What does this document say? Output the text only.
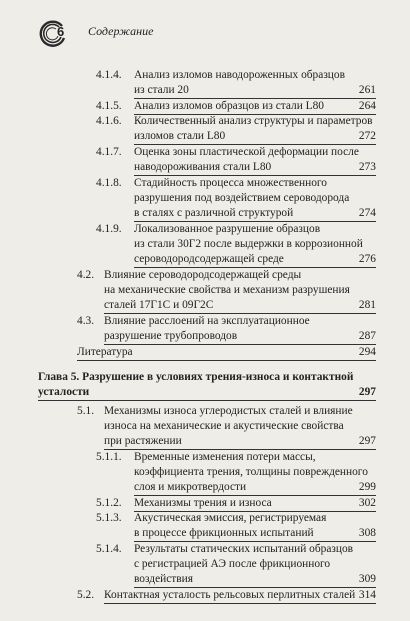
6 Содержание
4.1.4. Анализ изломов наводороженных образцов
из стали 20	261
4.1.5. Анализ изломов образцов из стали L80	264
4.1.6. Количественный анализ структуры и параметров
изломов стали L80	272
4.1.7. Оценка зоны пластической деформации после
наводороживания стали L80	273
4.1.8. Стадийность процесса множественного
разрушения под воздействием сероводорода
в сталях с различной структурой	274
4.1.9. Локализованное разрушение образцов
из стали 30Г2 после выдержки в коррозионной
сероводородсодержащей среде	276
4.2. Влияние сероводородсодержащей среды
на механические свойства и механизм разрушения
сталей 17Г1С и 09Г2С	281
4.3. Влияние расслоений на эксплуатационное
разрушение трубопроводов	287
Литература	294
Глава 5. Разрушение в условиях трения-износа и контактной
усталости	297
5.1. Механизмы износа углеродистых сталей и влияние
износа на механические и акустические свойства
при растяжении	297
5.1.1. Временные изменения потери массы,
коэффициента трения, толщины поврежденного
слоя и микротвердости	299
5.1.2. Механизмы трения и износа	302
5.1.3. Акустическая эмиссия, регистрируемая
в процессе фрикционных испытаний	308
5.1.4. Результаты статических испытаний образцов
с регистрацией АЭ после фрикционного
воздействия	309
5.2. Контактная усталость рельсовых перлитных сталей 314
